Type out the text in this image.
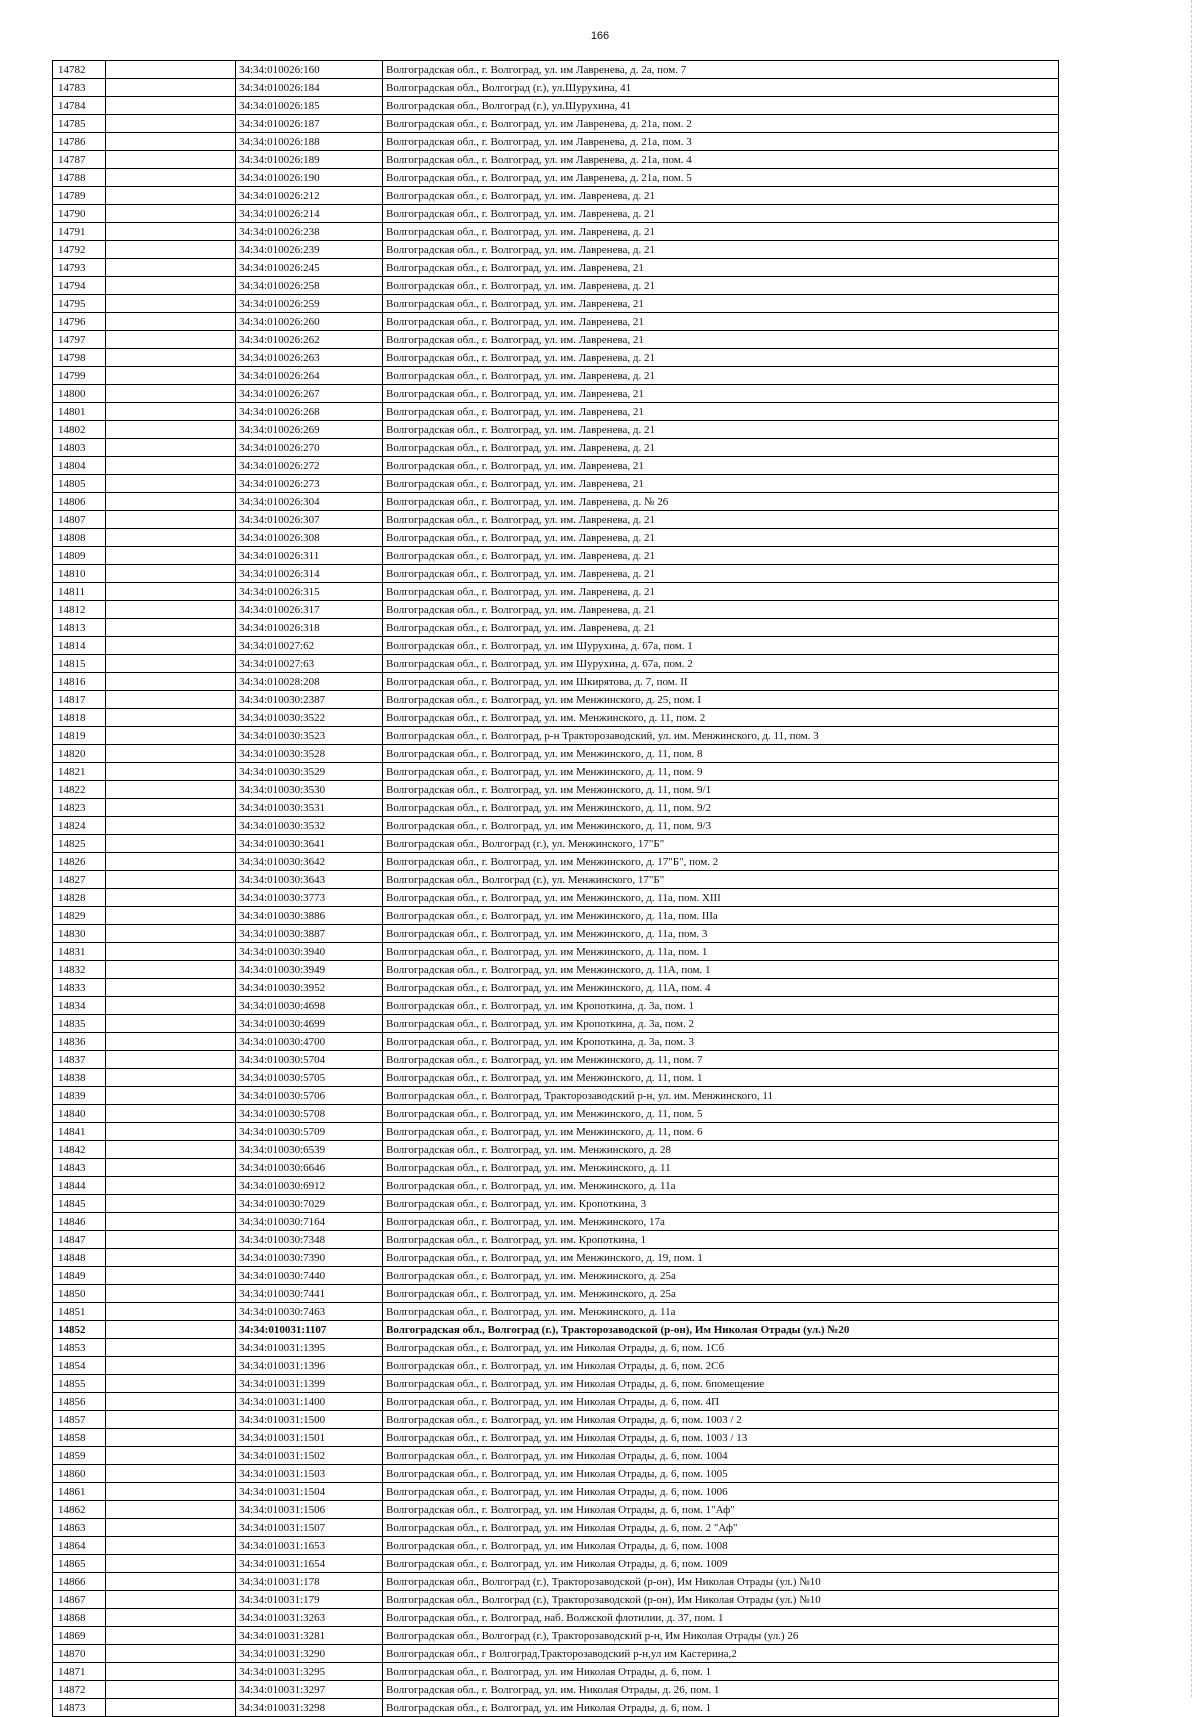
166
14782		34:34:010026:160	Волгоградская обл., г. Волгоград, ул. им Лавренева, д. 2а, пом. 7
14783		34:34:010026:184	Волгоградская обл., Волгоград (г.), ул.Шурухина, 41
14784		34:34:010026:185	Волгоградская обл., Волгоград (г.), ул.Шурухина, 41
14785		34:34:010026:187	Волгоградская обл., г. Волгоград, ул. им Лавренева, д. 21а, пом. 2
14786		34:34:010026:188	Волгоградская обл., г. Волгоград, ул. им Лавренева, д. 21а, пом. 3
14787		34:34:010026:189	Волгоградская обл., г. Волгоград, ул. им Лавренева, д. 21а, пом. 4
14788		34:34:010026:190	Волгоградская обл., г. Волгоград, ул. им Лавренева, д. 21а, пом. 5
14789		34:34:010026:212	Волгоградская обл., г. Волгоград, ул. им. Лавренева, д. 21
14790		34:34:010026:214	Волгоградская обл., г. Волгоград, ул. им. Лавренева, д. 21
14791		34:34:010026:238	Волгоградская обл., г. Волгоград, ул. им. Лавренева, д. 21
14792		34:34:010026:239	Волгоградская обл., г. Волгоград, ул. им. Лавренева, д. 21
14793		34:34:010026:245	Волгоградская обл., г. Волгоград, ул. им. Лавренева, 21
14794		34:34:010026:258	Волгоградская обл., г. Волгоград, ул. им. Лавренева, д. 21
14795		34:34:010026:259	Волгоградская обл., г. Волгоград, ул. им. Лавренева, 21
14796		34:34:010026:260	Волгоградская обл., г. Волгоград, ул. им. Лавренева, 21
14797		34:34:010026:262	Волгоградская обл., г. Волгоград, ул. им. Лавренева, 21
14798		34:34:010026:263	Волгоградская обл., г. Волгоград, ул. им. Лавренева, д. 21
14799		34:34:010026:264	Волгоградская обл., г. Волгоград, ул. им. Лавренева, д. 21
14800		34:34:010026:267	Волгоградская обл., г. Волгоград, ул. им. Лавренева, 21
14801		34:34:010026:268	Волгоградская обл., г. Волгоград, ул. им. Лавренева, 21
14802		34:34:010026:269	Волгоградская обл., г. Волгоград, ул. им. Лавренева, д. 21
14803		34:34:010026:270	Волгоградская обл., г. Волгоград, ул. им. Лавренева, д. 21
14804		34:34:010026:272	Волгоградская обл., г. Волгоград, ул. им. Лавренева, 21
14805		34:34:010026:273	Волгоградская обл., г. Волгоград, ул. им. Лавренева, 21
14806		34:34:010026:304	Волгоградская обл., г. Волгоград, ул. им. Лавренева, д. № 26
14807		34:34:010026:307	Волгоградская обл., г. Волгоград, ул. им. Лавренева, д. 21
14808		34:34:010026:308	Волгоградская обл., г. Волгоград, ул. им. Лавренева, д. 21
14809		34:34:010026:311	Волгоградская обл., г. Волгоград, ул. им. Лавренева, д. 21
14810		34:34:010026:314	Волгоградская обл., г. Волгоград, ул. им. Лавренева, д. 21
14811		34:34:010026:315	Волгоградская обл., г. Волгоград, ул. им. Лавренева, д. 21
14812		34:34:010026:317	Волгоградская обл., г. Волгоград, ул. им. Лавренева, д. 21
14813		34:34:010026:318	Волгоградская обл., г. Волгоград, ул. им. Лавренева, д. 21
14814		34:34:010027:62	Волгоградская обл., г. Волгоград, ул. им Шурухина, д. 67а, пом. 1
14815		34:34:010027:63	Волгоградская обл., г. Волгоград, ул. им Шурухина, д. 67а, пом. 2
14816		34:34:010028:208	Волгоградская обл., г. Волгоград, ул. им Шкирятова, д. 7, пом. II
14817		34:34:010030:2387	Волгоградская обл., г. Волгоград, ул. им Менжинского, д. 25, пом. I
14818		34:34:010030:3522	Волгоградская обл., г. Волгоград, ул. им. Менжинского, д. 11, пом. 2
14819		34:34:010030:3523	Волгоградская обл., г. Волгоград, р-н Тракторозаводский, ул. им. Менжинского, д. 11, пом. 3
14820		34:34:010030:3528	Волгоградская обл., г. Волгоград, ул. им Менжинского, д. 11, пом. 8
14821		34:34:010030:3529	Волгоградская обл., г. Волгоград, ул. им Менжинского, д. 11, пом. 9
14822		34:34:010030:3530	Волгоградская обл., г. Волгоград, ул. им Менжинского, д. 11, пом. 9/1
14823		34:34:010030:3531	Волгоградская обл., г. Волгоград, ул. им Менжинского, д. 11, пом. 9/2
14824		34:34:010030:3532	Волгоградская обл., г. Волгоград, ул. им Менжинского, д. 11, пом. 9/3
14825		34:34:010030:3641	Волгоградская обл., Волгоград (г.), ул. Менжинского, 17"Б"
14826		34:34:010030:3642	Волгоградская обл., г. Волгоград, ул. им Менжинского, д. 17"Б", пом. 2
14827		34:34:010030:3643	Волгоградская обл., Волгоград (г.), ул. Менжинского, 17"Б"
14828		34:34:010030:3773	Волгоградская обл., г. Волгоград, ул. им Менжинского, д. 11а, пом. XIII
14829		34:34:010030:3886	Волгоградская обл., г. Волгоград, ул. им Менжинского, д. 11а, пом. IIIа
14830		34:34:010030:3887	Волгоградская обл., г. Волгоград, ул. им Менжинского, д. 11а, пом. 3
14831		34:34:010030:3940	Волгоградская обл., г. Волгоград, ул. им Менжинского, д. 11а, пом. 1
14832		34:34:010030:3949	Волгоградская обл., г. Волгоград, ул. им Менжинского, д. 11А, пом. 1
14833		34:34:010030:3952	Волгоградская обл., г. Волгоград, ул. им Менжинского, д. 11А, пом. 4
14834		34:34:010030:4698	Волгоградская обл., г. Волгоград, ул. им Кропоткина, д. 3а, пом. 1
14835		34:34:010030:4699	Волгоградская обл., г. Волгоград, ул. им Кропоткина, д. 3а, пом. 2
14836		34:34:010030:4700	Волгоградская обл., г. Волгоград, ул. им Кропоткина, д. 3а, пом. 3
14837		34:34:010030:5704	Волгоградская обл., г. Волгоград, ул. им Менжинского, д. 11, пом. 7
14838		34:34:010030:5705	Волгоградская обл., г. Волгоград, ул. им Менжинского, д. 11, пом. 1
14839		34:34:010030:5706	Волгоградская обл., г. Волгоград, Тракторозаводский р-н, ул. им. Менжинского, 11
14840		34:34:010030:5708	Волгоградская обл., г. Волгоград, ул. им Менжинского, д. 11, пом. 5
14841		34:34:010030:5709	Волгоградская обл., г. Волгоград, ул. им Менжинского, д. 11, пом. 6
14842		34:34:010030:6539	Волгоградская обл., г. Волгоград, ул. им. Менжинского, д. 28
14843		34:34:010030:6646	Волгоградская обл., г. Волгоград, ул. им. Менжинского, д. 11
14844		34:34:010030:6912	Волгоградская обл., г. Волгоград, ул. им. Менжинского, д. 11а
14845		34:34:010030:7029	Волгоградская обл., г. Волгоград, ул. им. Кропоткина, 3
14846		34:34:010030:7164	Волгоградская обл., г. Волгоград, ул. им. Менжинского, 17а
14847		34:34:010030:7348	Волгоградская обл., г. Волгоград, ул. им. Кропоткина, 1
14848		34:34:010030:7390	Волгоградская обл., г. Волгоград, ул. им Менжинского, д. 19, пом. 1
14849		34:34:010030:7440	Волгоградская обл., г. Волгоград, ул. им. Менжинского, д. 25а
14850		34:34:010030:7441	Волгоградская обл., г. Волгоград, ул. им. Менжинского, д. 25а
14851		34:34:010030:7463	Волгоградская обл., г. Волгоград, ул. им. Менжинского, д. 11а
14852		34:34:010031:1107	Волгоградская обл., Волгоград (г.), Тракторозаводской (р-он), Им Николая Отрады (ул.) №20
14853		34:34:010031:1395	Волгоградская обл., г. Волгоград, ул. им Николая Отрады, д. 6, пом. 1Сб
14854		34:34:010031:1396	Волгоградская обл., г. Волгоград, ул. им Николая Отрады, д. 6, пом. 2Сб
14855		34:34:010031:1399	Волгоградская обл., г. Волгоград, ул. им Николая Отрады, д. 6, пом. 6помещение
14856		34:34:010031:1400	Волгоградская обл., г. Волгоград, ул. им Николая Отрады, д. 6, пом. 4П
14857		34:34:010031:1500	Волгоградская обл., г. Волгоград, ул. им Николая Отрады, д. 6, пом. 1003 / 2
14858		34:34:010031:1501	Волгоградская обл., г. Волгоград, ул. им Николая Отрады, д. 6, пом. 1003 / 13
14859		34:34:010031:1502	Волгоградская обл., г. Волгоград, ул. им Николая Отрады, д. 6, пом. 1004
14860		34:34:010031:1503	Волгоградская обл., г. Волгоград, ул. им Николая Отрады, д. 6, пом. 1005
14861		34:34:010031:1504	Волгоградская обл., г. Волгоград, ул. им Николая Отрады, д. 6, пом. 1006
14862		34:34:010031:1506	Волгоградская обл., г. Волгоград, ул. им Николая Отрады, д. 6, пом. 1"Аф"
14863		34:34:010031:1507	Волгоградская обл., г. Волгоград, ул. им Николая Отрады, д. 6, пом. 2 "Аф"
14864		34:34:010031:1653	Волгоградская обл., г. Волгоград, ул. им Николая Отрады, д. 6, пом. 1008
14865		34:34:010031:1654	Волгоградская обл., г. Волгоград, ул. им Николая Отрады, д. 6, пом. 1009
14866		34:34:010031:178	Волгоградская обл., Волгоград (г.), Тракторозаводской (р-он), Им Николая Отрады (ул.) №10
14867		34:34:010031:179	Волгоградская обл., Волгоград (г.), Тракторозаводской (р-он), Им Николая Отрады (ул.) №10
14868		34:34:010031:3263	Волгоградская обл., г. Волгоград, наб. Волжской флотилии, д. 37, пом. 1
14869		34:34:010031:3281	Волгоградская обл., Волгоград (г.), Тракторозаводский р-н, Им Николая Отрады (ул.) 26
14870		34:34:010031:3290	Волгоградская обл., г Волгоград,Тракторозаводский р-н,ул им Кастерина,2
14871		34:34:010031:3295	Волгоградская обл., г. Волгоград, ул. им Николая Отрады, д. 6, пом. 1
14872		34:34:010031:3297	Волгоградская обл., г. Волгоград, ул. им. Николая Отрады, д. 26, пом. 1
14873		34:34:010031:3298	Волгоградская обл., г. Волгоград, ул. им Николая Отрады, д. 6, пом. 1
